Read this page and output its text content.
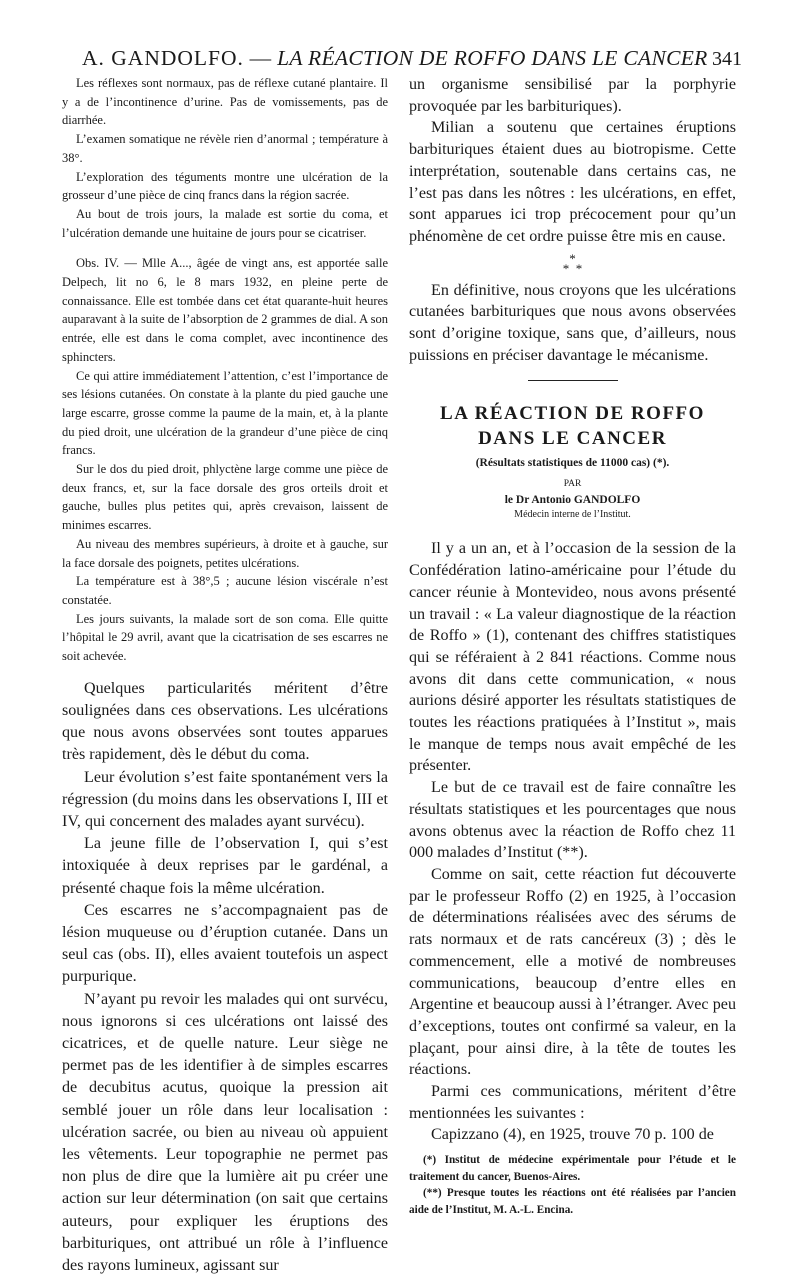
A. GANDOLFO. — LA RÉACTION DE ROFFO DANS LE CANCER 341

Les réflexes sont normaux, pas de réflexe cutané plantaire. Il y a de l’incontinence d’urine. Pas de vomissements, pas de diarrhée.

L’examen somatique ne révèle rien d’anormal ; température à 38°.

L’exploration des téguments montre une ulcération de la grosseur d’une pièce de cinq francs dans la région sacrée.

Au bout de trois jours, la malade est sortie du coma, et l’ulcération demande une huitaine de jours pour se cicatriser.

Obs. IV. — Mlle A..., âgée de vingt ans, est apportée salle Delpech, lit no 6, le 8 mars 1932, en pleine perte de connaissance. Elle est tombée dans cet état quarante-huit heures auparavant à la suite de l’absorption de 2 grammes de dial. A son entrée, elle est dans le coma complet, avec incontinence des sphincters.

Ce qui attire immédiatement l’attention, c’est l’importance de ses lésions cutanées. On constate à la plante du pied gauche une large escarre, grosse comme la paume de la main, et, à la plante du pied droit, une ulcération de la grandeur d’une pièce de cinq francs.

Sur le dos du pied droit, phlyctène large comme une pièce de deux francs, et, sur la face dorsale des gros orteils droit et gauche, bulles plus petites qui, après crevaison, laissent de minimes escarres.

Au niveau des membres supérieurs, à droite et à gauche, sur la face dorsale des poignets, petites ulcérations.

La température est à 38°,5 ; aucune lésion viscérale n’est constatée.

Les jours suivants, la malade sort de son coma. Elle quitte l’hôpital le 29 avril, avant que la cicatrisation de ses escarres ne soit achevée.

Quelques particularités méritent d’être soulignées dans ces observations. Les ulcérations que nous avons observées sont toutes apparues très rapidement, dès le début du coma.

Leur évolution s’est faite spontanément vers la régression (du moins dans les observations I, III et IV, qui concernent des malades ayant survécu).

La jeune fille de l’observation I, qui s’est intoxiquée à deux reprises par le gardénal, a présenté chaque fois la même ulcération.

Ces escarres ne s’accompagnaient pas de lésion muqueuse ou d’éruption cutanée. Dans un seul cas (obs. II), elles avaient toutefois un aspect purpurique.

N’ayant pu revoir les malades qui ont survécu, nous ignorons si ces ulcérations ont laissé des cicatrices, et de quelle nature. Leur siège ne permet pas de les identifier à de simples escarres de decubitus acutus, quoique la pression ait semblé jouer un rôle dans leur localisation : ulcération sacrée, ou bien au niveau où appuient les vêtements. Leur topographie ne permet pas non plus de dire que la lumière ait pu créer une action sur leur détermination (on sait que certains auteurs, pour expliquer les éruptions des barbituriques, ont attribué un rôle à l’influence des rayons lumineux, agissant sur

un organisme sensibilisé par la porphyrie provoquée par les barbituriques).

Milian a soutenu que certaines éruptions barbituriques étaient dues au biotropisme. Cette interprétation, soutenable dans certains cas, ne l’est pas dans les nôtres : les ulcérations, en effet, sont apparues ici trop précocement pour qu’un phénomène de cet ordre puisse être mis en cause.

*
* *

En définitive, nous croyons que les ulcérations cutanées barbituriques que nous avons observées sont d’origine toxique, sans que, d’ailleurs, nous puissions en préciser davantage le mécanisme.

LA RÉACTION DE ROFFO
DANS LE CANCER
(Résultats statistiques de 11000 cas) (*).
PAR
le Dr Antonio GANDOLFO
Médecin interne de l’Institut.

Il y a un an, et à l’occasion de la session de la Confédération latino-américaine pour l’étude du cancer réunie à Montevideo, nous avons présenté un travail : « La valeur diagnostique de la réaction de Roffo » (1), contenant des chiffres statistiques qui se référaient à 2 841 réactions. Comme nous avons dit dans cette communication, « nous aurions désiré apporter les résultats statistiques de toutes les réactions pratiquées à l’Institut », mais le manque de temps nous avait empêché de les présenter.

Le but de ce travail est de faire connaître les résultats statistiques et les pourcentages que nous avons obtenus avec la réaction de Roffo chez 11 000 malades d’Institut (**).

Comme on sait, cette réaction fut découverte par le professeur Roffo (2) en 1925, à l’occasion de déterminations réalisées avec des sérums de rats normaux et de rats cancéreux (3) ; dès le commencement, elle a motivé de nombreuses communications, beaucoup d’entre elles en Argentine et beaucoup aussi à l’étranger. Avec peu d’exceptions, toutes ont confirmé sa valeur, en la plaçant, pour ainsi dire, à la tête de toutes les réactions.

Parmi ces communications, méritent d’être mentionnées les suivantes :

Capizzano (4), en 1925, trouve 70 p. 100 de

(*) Institut de médecine expérimentale pour l’étude et le traitement du cancer, Buenos-Aires.

(**) Presque toutes les réactions ont été réalisées par l’ancien aide de l’Institut, M. A.-L. Encina.
